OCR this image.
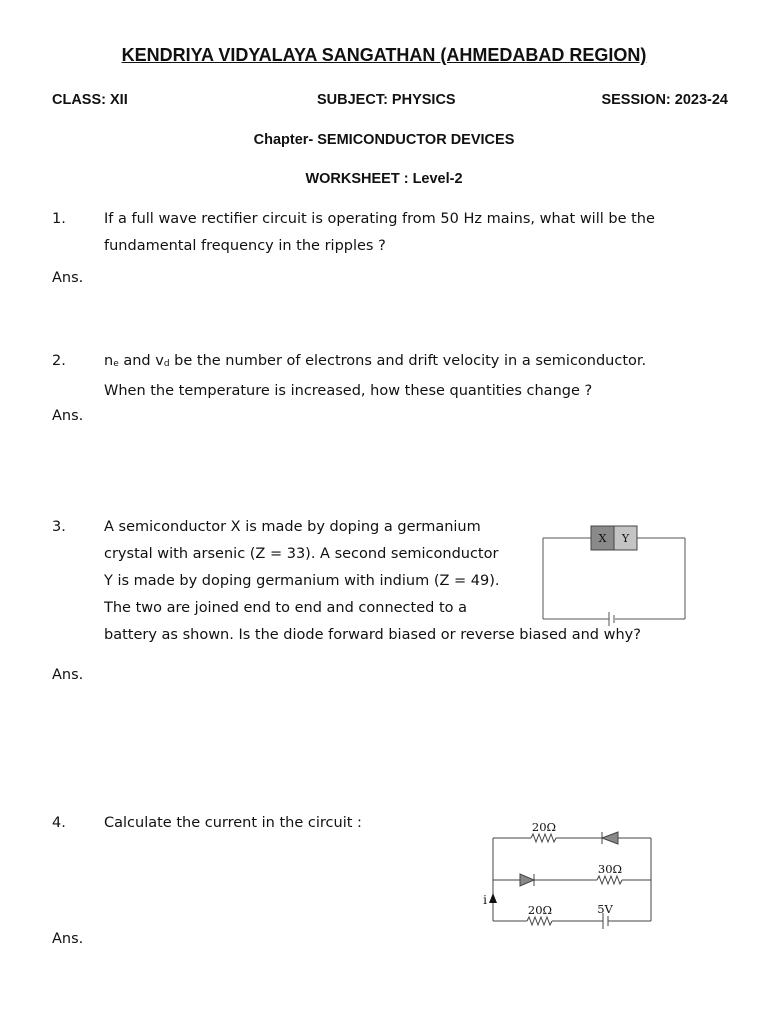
KENDRIYA VIDYALAYA SANGATHAN (AHMEDABAD REGION)
CLASS: XII	SUBJECT: PHYSICS	SESSION: 2023-24
Chapter- SEMICONDUCTOR DEVICES
WORKSHEET : Level-2
1.	If a full wave rectifier circuit is operating from 50 Hz mains, what will be the
fundamental frequency in the ripples ?
Ans.
2.	$n_e$ and $v_d$ be the number of electrons and drift velocity in a semiconductor.
When the temperature is increased, how these quantities change ?
Ans.
3.	A semiconductor X is made by doping a germanium
crystal with arsenic (Z = 33). A second semiconductor
Y is made by doping germanium with indium (Z = 49).
The two are joined end to end and connected to a
battery as shown. Is the diode forward biased or reverse biased and why?
X Y
Ans.
4.	Calculate the current in the circuit :	20Ω
30Ω
20Ω	5V
i
Ans.
